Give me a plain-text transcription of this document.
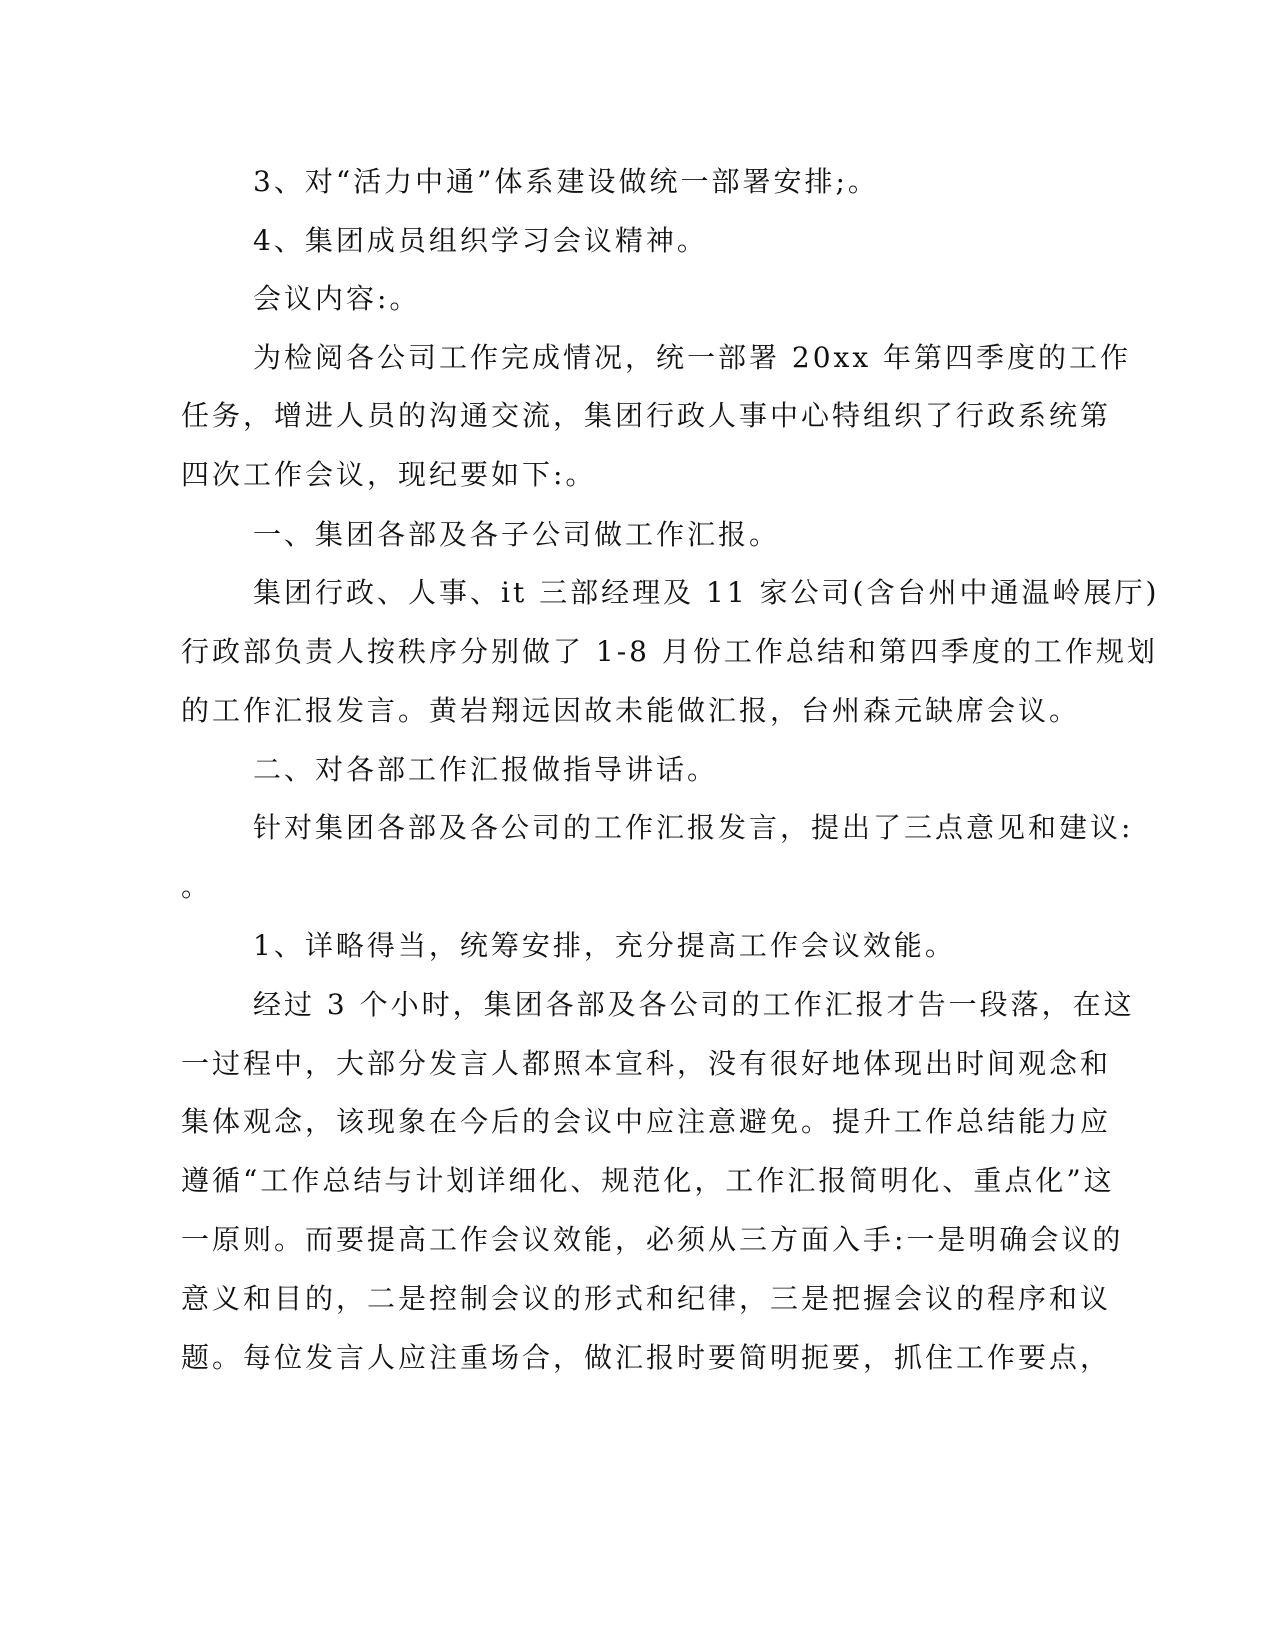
3、对“活力中通”体系建设做统一部署安排;。
4、集团成员组织学习会议精神。
会议内容:。
为检阅各公司工作完成情况，统一部署 20xx 年第四季度的工作
任务，增进人员的沟通交流，集团行政人事中心特组织了行政系统第
四次工作会议，现纪要如下:。
一、集团各部及各子公司做工作汇报。
集团行政、人事、it 三部经理及 11 家公司(含台州中通温岭展厅)
行政部负责人按秩序分别做了 1-8 月份工作总结和第四季度的工作规划
的工作汇报发言。黄岩翔远因故未能做汇报，台州森元缺席会议。
二、对各部工作汇报做指导讲话。
针对集团各部及各公司的工作汇报发言，提出了三点意见和建议:
。
1、详略得当，统筹安排，充分提高工作会议效能。
经过 3 个小时，集团各部及各公司的工作汇报才告一段落，在这
一过程中，大部分发言人都照本宣科，没有很好地体现出时间观念和
集体观念，该现象在今后的会议中应注意避免。提升工作总结能力应
遵循“工作总结与计划详细化、规范化，工作汇报简明化、重点化”这
一原则。而要提高工作会议效能，必须从三方面入手:一是明确会议的
意义和目的，二是控制会议的形式和纪律，三是把握会议的程序和议
题。每位发言人应注重场合，做汇报时要简明扼要，抓住工作要点，
